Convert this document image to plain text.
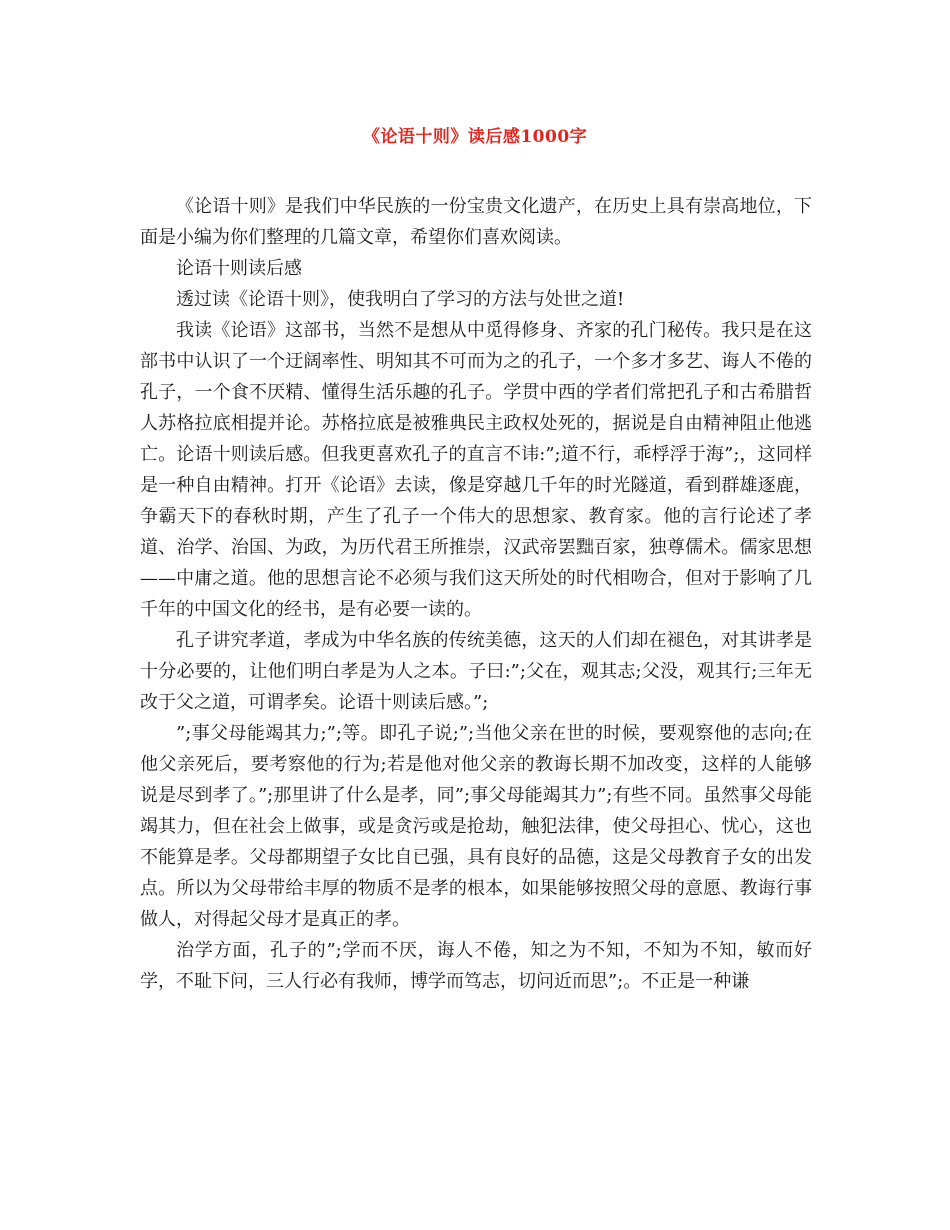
《论语十则》读后感1000字

《论语十则》是我们中华民族的一份宝贵文化遗产，在历史上具有崇高地位，下面是小编为你们整理的几篇文章，希望你们喜欢阅读。

论语十则读后感

透过读《论语十则》，使我明白了学习的方法与处世之道!

我读《论语》这部书，当然不是想从中觅得修身、齐家的孔门秘传。我只是在这部书中认识了一个迂阔率性、明知其不可而为之的孔子，一个多才多艺、诲人不倦的孔子，一个食不厌精、懂得生活乐趣的孔子。学贯中西的学者们常把孔子和古希腊哲人苏格拉底相提并论。苏格拉底是被雅典民主政权处死的，据说是自由精神阻止他逃亡。论语十则读后感。但我更喜欢孔子的直言不讳:”;道不行，乖桴浮于海”;，这同样是一种自由精神。打开《论语》去读，像是穿越几千年的时光隧道，看到群雄逐鹿，争霸天下的春秋时期，产生了孔子一个伟大的思想家、教育家。他的言行论述了孝道、治学、治国、为政，为历代君王所推崇，汉武帝罢黜百家，独尊儒术。儒家思想——中庸之道。他的思想言论不必须与我们这天所处的时代相吻合，但对于影响了几千年的中国文化的经书，是有必要一读的。

孔子讲究孝道，孝成为中华名族的传统美德，这天的人们却在褪色，对其讲孝是十分必要的，让他们明白孝是为人之本。子曰:”;父在，观其志;父没，观其行;三年无改于父之道，可谓孝矣。论语十则读后感。”;

”;事父母能竭其力;”;等。即孔子说;”;当他父亲在世的时候，要观察他的志向;在他父亲死后，要考察他的行为;若是他对他父亲的教诲长期不加改变，这样的人能够说是尽到孝了。”;那里讲了什么是孝，同”;事父母能竭其力”;有些不同。虽然事父母能竭其力，但在社会上做事，或是贪污或是抢劫，触犯法律，使父母担心、忧心，这也不能算是孝。父母都期望子女比自已强，具有良好的品德，这是父母教育子女的出发点。所以为父母带给丰厚的物质不是孝的根本，如果能够按照父母的意愿、教诲行事做人，对得起父母才是真正的孝。

治学方面，孔子的”;学而不厌，诲人不倦，知之为不知，不知为不知，敏而好学，不耻下问，三人行必有我师，博学而笃志，切问近而思”;。不正是一种谦
